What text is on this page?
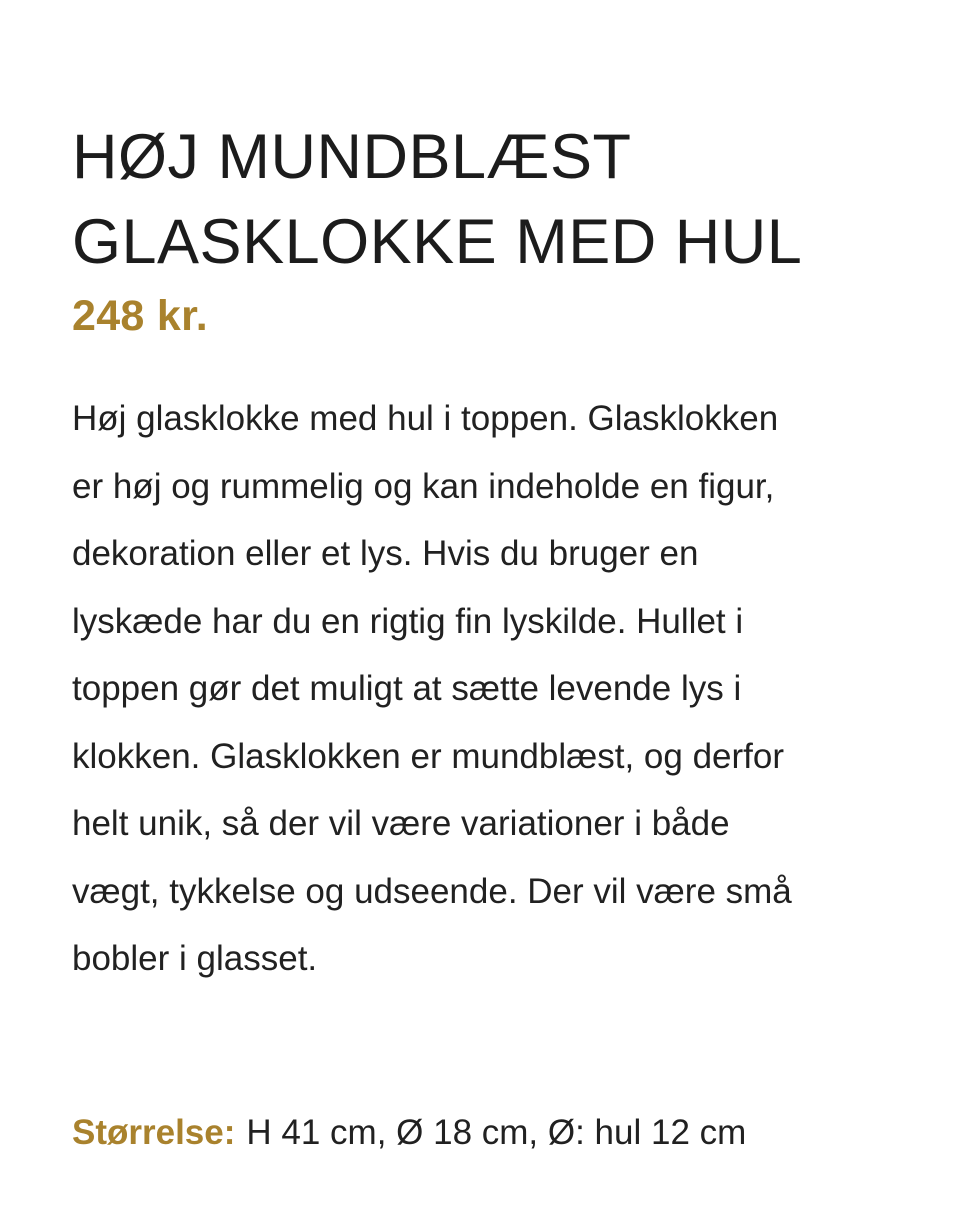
HØJ MUNDBLÆST
GLASKLOKKE MED HUL
248 kr.
Høj glasklokke med hul i toppen. Glasklokken
er høj og rummelig og kan indeholde en figur,
dekoration eller et lys. Hvis du bruger en
lyskæde har du en rigtig fin lyskilde. Hullet i
toppen gør det muligt at sætte levende lys i
klokken. Glasklokken er mundblæst, og derfor
helt unik, så der vil være variationer i både
vægt, tykkelse og udseende. Der vil være små
bobler i glasset.
Størrelse: H 41 cm, Ø 18 cm, Ø: hul 12 cm
